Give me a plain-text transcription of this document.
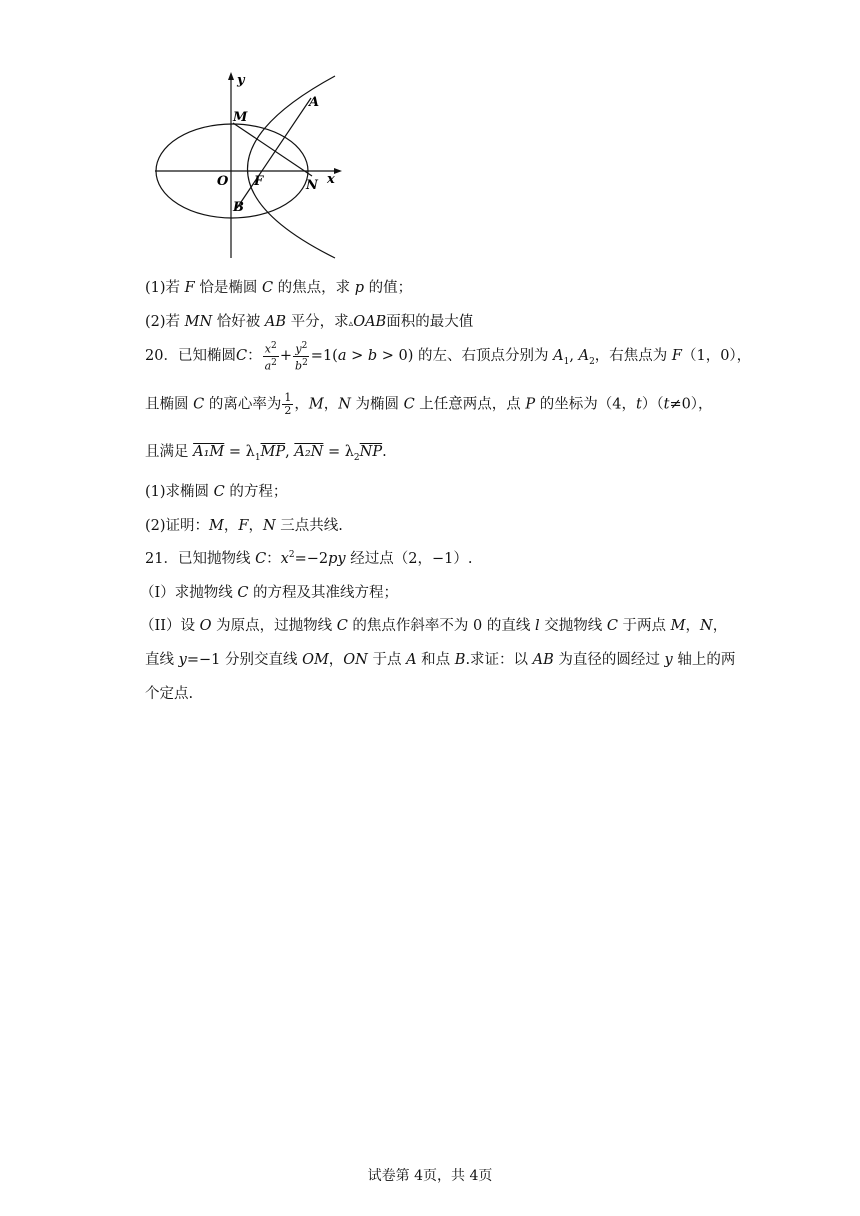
y
A
M
O F	N x
B
(1)若 F 恰是椭圆 C 的焦点，求 p 的值；
(2)若 MN 恰好被 AB 平分，求▵OAB面积的最大值
20．已知椭圆C： $\frac{x^2}{a^2} + \frac{y^2}{b^2} =1(a > b > 0)$ 的左、右顶点分别为 $A_1$, $A_2$，右焦点为 F（1，0），
且椭圆 C 的离心率为 $\frac{1}{2}$ ，M，N 为椭圆 C 上任意两点，点 P 的坐标为（4，t）（t≠0），
且满足 $A_1M = \lambda_1\overline{MP}$, $A_2N = \lambda_2\overline{NP}$.
(1)求椭圆 C 的方程；
(2)证明：M，F，N 三点共线.
21．已知抛物线 C：$x^2=-2py$ 经过点（2，−1）.
（I）求抛物线 C 的方程及其准线方程；
（II）设 O 为原点，过抛物线 C 的焦点作斜率不为 0 的直线 l 交抛物线 C 于两点 M，N，
直线 y=−1 分别交直线 OM，ON 于点 A 和点 B.求证：以 AB 为直径的圆经过 y 轴上的两
个定点.
试卷第 4页，共 4页
